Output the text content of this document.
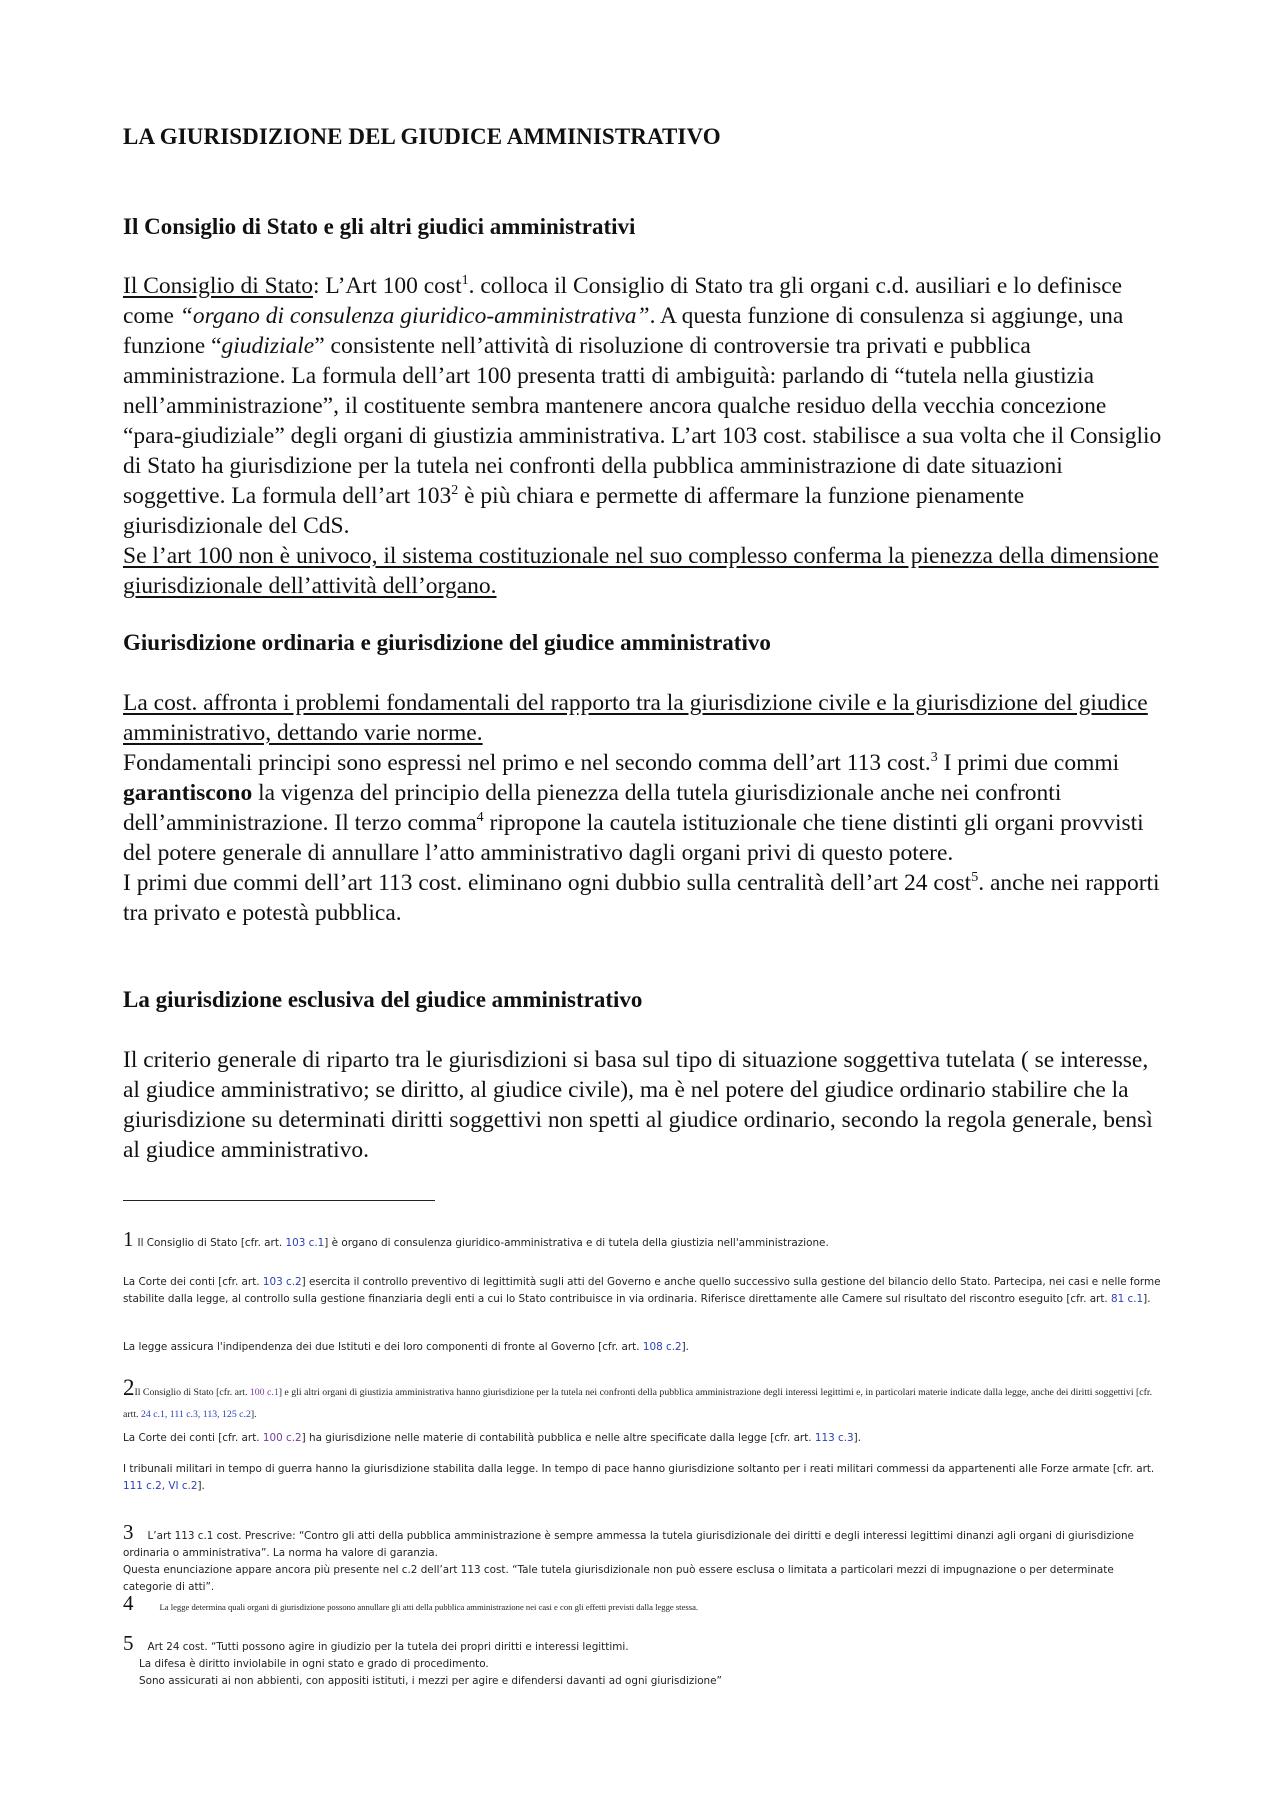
LA GIURISDIZIONE DEL GIUDICE AMMINISTRATIVO
Il Consiglio di Stato e gli altri giudici amministrativi

Il Consiglio di Stato: L’Art 100 cost$^1$. colloca il Consiglio di Stato tra gli organi c.d. ausiliari e lo definisce come “organo di consulenza giuridico-amministrativa”. A questa funzione di consulenza si aggiunge, una funzione “giudiziale” consistente nell’attività di risoluzione di controversie tra privati e pubblica amministrazione. La formula dell’art 100 presenta tratti di ambiguità: parlando di “tutela nella giustizia nell’amministrazione”, il costituente sembra mantenere ancora qualche residuo della vecchia concezione “para-giudiziale” degli organi di giustizia amministrativa. L’art 103 cost. stabilisce a sua volta che il Consiglio di Stato ha giurisdizione per la tutela nei confronti della pubblica amministrazione di date situazioni soggettive. La formula dell’art $103^2$ è più chiara e permette di affermare la funzione pienamente giurisdizionale del CdS.
Se l’art 100 non è univoco, il sistema costituzionale nel suo complesso conferma la pienezza della dimensione giurisdizionale dell’attività dell’organo.

Giurisdizione ordinaria e giurisdizione del giudice amministrativo

La cost. affronta i problemi fondamentali del rapporto tra la giurisdizione civile e la giurisdizione del giudice amministrativo, dettando varie norme.
Fondamentali principi sono espressi nel primo e nel secondo comma dell’art 113 cost.$^3$ I primi due commi garantiscono la vigenza del principio della pienezza della tutela giurisdizionale anche nei confronti dell’amministrazione. Il terzo comma$^4$ ripropone la cautela istituzionale che tiene distinti gli organi provvisti del potere generale di annullare l’atto amministrativo dagli organi privi di questo potere.
I primi due commi dell’art 113 cost. eliminano ogni dubbio sulla centralità dell’art 24 cost$^5$. anche nei rapporti tra privato e potestà pubblica.

La giurisdizione esclusiva del giudice amministrativo

Il criterio generale di riparto tra le giurisdizioni si basa sul tipo di situazione soggettiva tutelata ( se interesse, al giudice amministrativo; se diritto, al giudice civile), ma è nel potere del giudice ordinario stabilire che la giurisdizione su determinati diritti soggettivi non spetti al giudice ordinario, secondo la regola generale, bensì al giudice amministrativo.

1 Il Consiglio di Stato [cfr. art. 103 c.1] è organo di consulenza giuridico-amministrativa e di tutela della giustizia nell'amministrazione.

La Corte dei conti [cfr. art. 103 c.2] esercita il controllo preventivo di legittimità sugli atti del Governo e anche quello successivo sulla gestione del bilancio dello Stato. Partecipa, nei casi e nelle forme stabilite dalla legge, al controllo sulla gestione finanziaria degli enti a cui lo Stato contribuisce in via ordinaria. Riferisce direttamente alle Camere sul risultato del riscontro eseguito [cfr. art. 81 c.1].

La legge assicura l'indipendenza dei due Istituti e dei loro componenti di fronte al Governo [cfr. art. 108 c.2].

2Il Consiglio di Stato [cfr. art. 100 c.1] e gli altri organi di giustizia amministrativa hanno giurisdizione per la tutela nei confronti della pubblica amministrazione degli interessi legittimi e, in particolari materie indicate dalla legge, anche dei diritti soggettivi [cfr. artt. 24 c.1, 111 c.3, 113, 125 c.2].

La Corte dei conti [cfr. art. 100 c.2] ha giurisdizione nelle materie di contabilità pubblica e nelle altre specificate dalla legge [cfr. art. 113 c.3].

I tribunali militari in tempo di guerra hanno la giurisdizione stabilita dalla legge. In tempo di pace hanno giurisdizione soltanto per i reati militari commessi da appartenenti alle Forze armate [cfr. art. 111 c.2, VI c.2].

3 L’art 113 c.1 cost. Prescrive: “Contro gli atti della pubblica amministrazione è sempre ammessa la tutela giurisdizionale dei diritti e degli interessi legittimi dinanzi agli organi di giurisdizione ordinaria o amministrativa”. La norma ha valore di garanzia.
Questa enunciazione appare ancora più presente nel c.2 dell’art 113 cost. “Tale tutela giurisdizionale non può essere esclusa o limitata a particolari mezzi di impugnazione o per determinate categorie di atti”.

4	La legge determina quali organi di giurisdizione possono annullare gli atti della pubblica amministrazione nei casi e con gli effetti previsti dalla legge stessa.

5 Art 24 cost. “Tutti possono agire in giudizio per la tutela dei propri diritti e interessi legittimi.
La difesa è diritto inviolabile in ogni stato e grado di procedimento.
Sono assicurati ai non abbienti, con appositi istituti, i mezzi per agire e difendersi davanti ad ogni giurisdizione”
